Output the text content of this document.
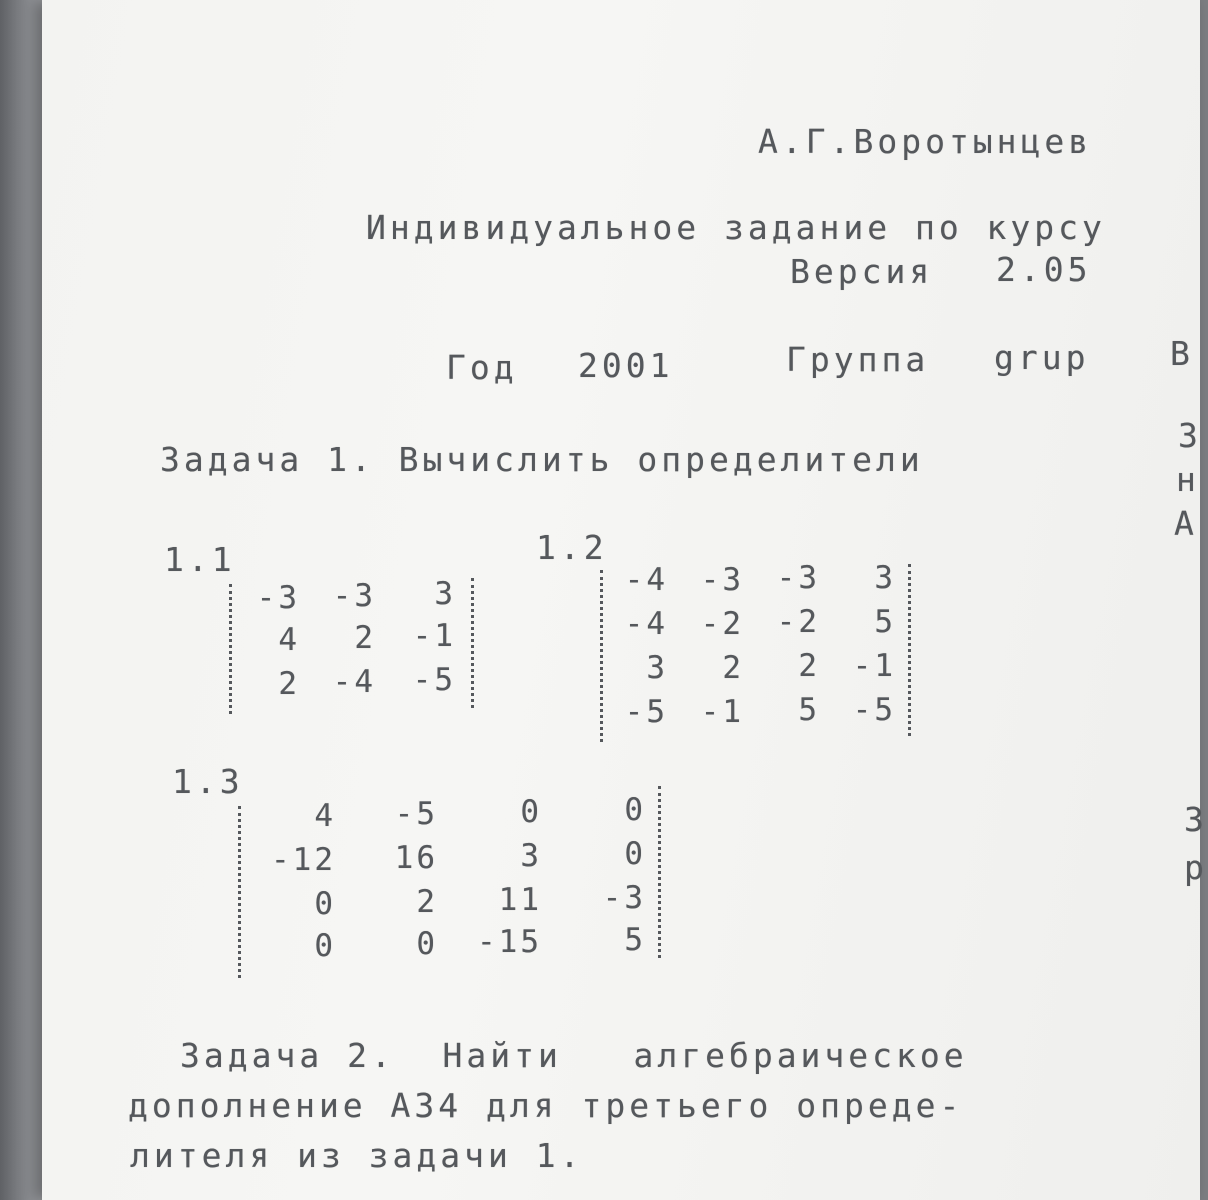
А.Г.Воротынцев
Индивидуальное задание по курсу
Версия 2.05
Год 2001	Группа grup В
З
н
А
З
р
Задача 1. Вычислить определители
1.1
-3	-3	3
4	2	-1
2	-4	-5
1.2
-4	-3	-3	3
-4	-2	-2	5
3	2	2	-1
-5	-1	5	-5
1.3
4	-5	0	0
-12	16	3	0
0	2	11	-3
0	0	-15	5
Задача 2.  Найти   алгебраическое
дополнение А34 для третьего опреде-
лителя из задачи 1.
